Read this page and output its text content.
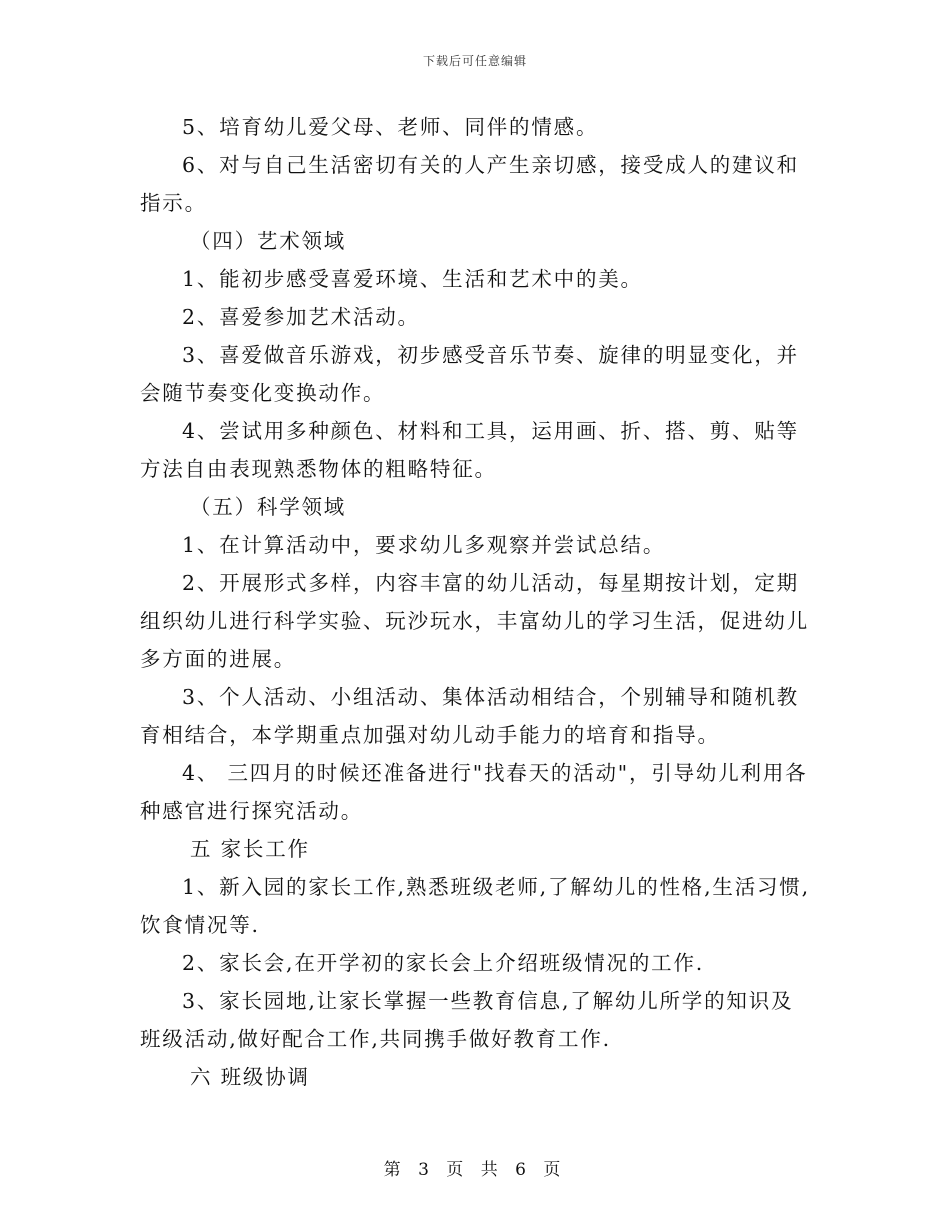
下载后可任意编辑

5、培育幼儿爱父母、老师、同伴的情感。

6、对与自己生活密切有关的人产生亲切感，接受成人的建议和指示。

（四）艺术领域

1、能初步感受喜爱环境、生活和艺术中的美。

2、喜爱参加艺术活动。

3、喜爱做音乐游戏，初步感受音乐节奏、旋律的明显变化，并会随节奏变化变换动作。

4、尝试用多种颜色、材料和工具，运用画、折、搭、剪、贴等方法自由表现熟悉物体的粗略特征。

（五）科学领域

1、在计算活动中，要求幼儿多观察并尝试总结。

2、开展形式多样，内容丰富的幼儿活动，每星期按计划，定期组织幼儿进行科学实验、玩沙玩水，丰富幼儿的学习生活，促进幼儿多方面的进展。

3、个人活动、小组活动、集体活动相结合，个别辅导和随机教育相结合，本学期重点加强对幼儿动手能力的培育和指导。

4、 三四月的时候还准备进行"找春天的活动"，引导幼儿利用各种感官进行探究活动。

五 家长工作

1、新入园的家长工作,熟悉班级老师,了解幼儿的性格,生活习惯,饮食情况等.

2、家长会,在开学初的家长会上介绍班级情况的工作.

3、家长园地,让家长掌握一些教育信息,了解幼儿所学的知识及班级活动,做好配合工作,共同携手做好教育工作.

六 班级协调

第 3 页 共 6 页
